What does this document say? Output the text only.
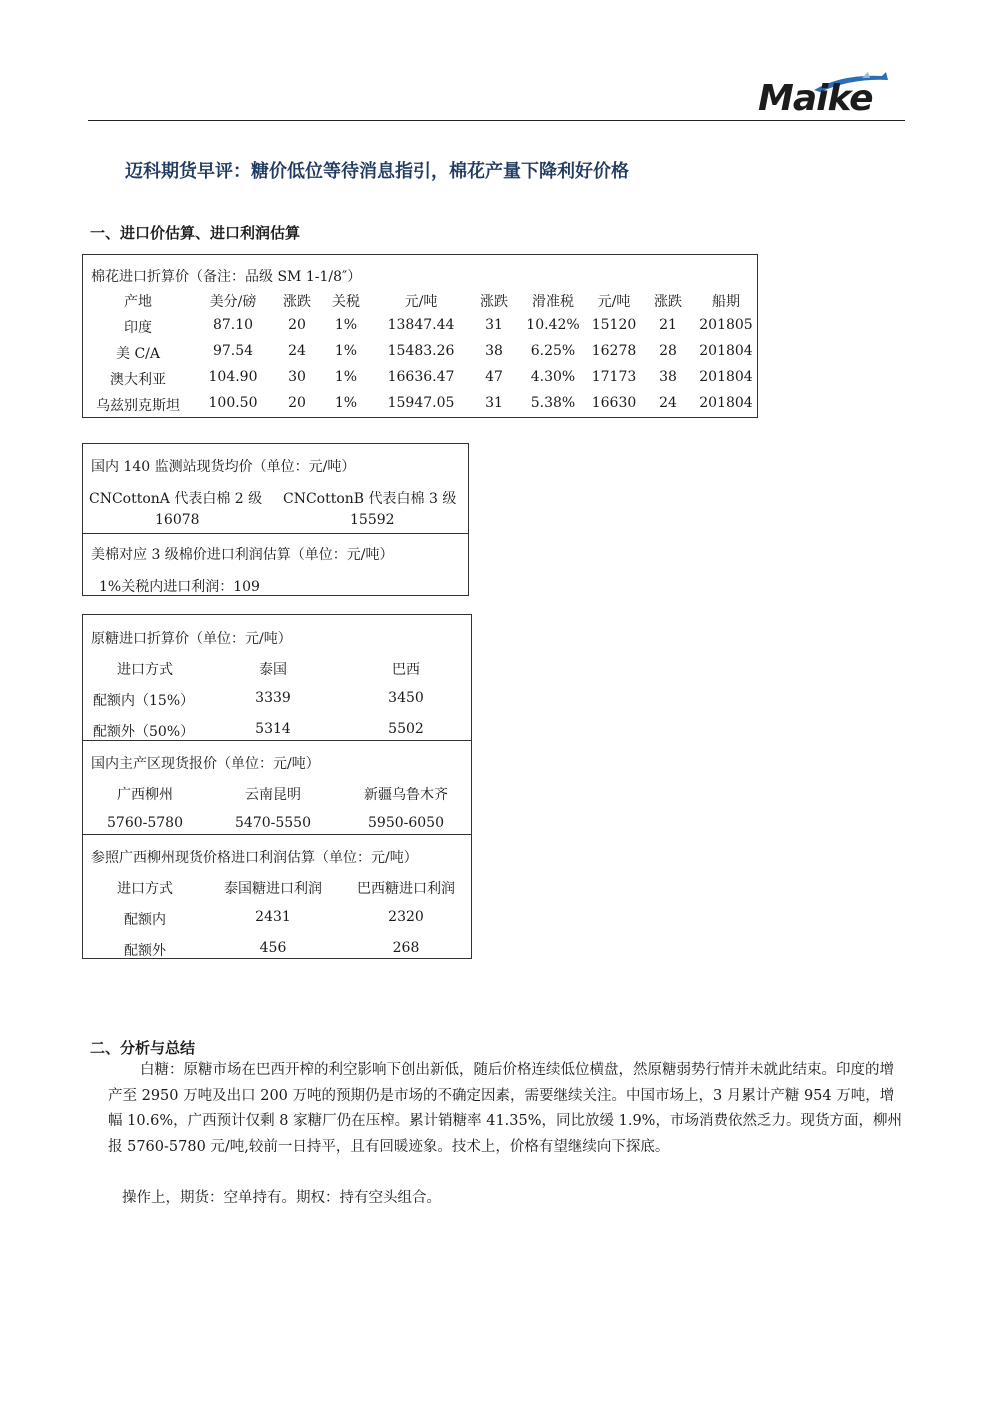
Maike
迈科期货早评：糖价低位等待消息指引，棉花产量下降利好价格
一、进口价估算、进口利润估算
棉花进口折算价（备注：品级 SM 1-1/8″）
产地	美分/磅 涨跌 关税	元/吨	涨跌 滑准税 元/吨 涨跌 船期
印度	87.10	20 1% 13847.44 31 10.42% 15120 21 201805
美 C/A	97.54	24 1% 15483.26 38 6.25% 16278 28 201804
澳大利亚	104.90 30 1% 16636.47 47 4.30% 17173 38 201804
乌兹别克斯坦 100.50 20 1% 15947.05 31 5.38% 16630 24 201804
国内 140 监测站现货均价（单位：元/吨）
CNCottonA 代表白棉 2 级 CNCottonB 代表白棉 3 级
16078	15592
美棉对应 3 级棉价进口利润估算（单位：元/吨）
1%关税内进口利润：109
原糖进口折算价（单位：元/吨）
进口方式	泰国	巴西
配额内（15%）	3339	3450
配额外（50%）	5314	5502
国内主产区现货报价（单位：元/吨）
广西柳州	云南昆明	新疆乌鲁木齐
5760-5780	5470-5550	5950-6050
参照广西柳州现货价格进口利润估算（单位：元/吨）
进口方式	泰国糖进口利润	巴西糖进口利润
配额内	2431	2320
配额外	456	268
二、分析与总结

白糖：原糖市场在巴西开榨的利空影响下创出新低，随后价格连续低位横盘，然原糖弱势行情并未就此结束。印度的增产至 2950 万吨及出口 200 万吨的预期仍是市场的不确定因素，需要继续关注。中国市场上，3 月累计产糖 954 万吨，增幅 10.6%，广西预计仅剩 8 家糖厂仍在压榨。累计销糖率 41.35%，同比放缓 1.9%，市场消费依然乏力。现货方面，柳州报 5760-5780 元/吨,较前一日持平，且有回暖迹象。技术上，价格有望继续向下探底。

操作上，期货：空单持有。期权：持有空头组合。
